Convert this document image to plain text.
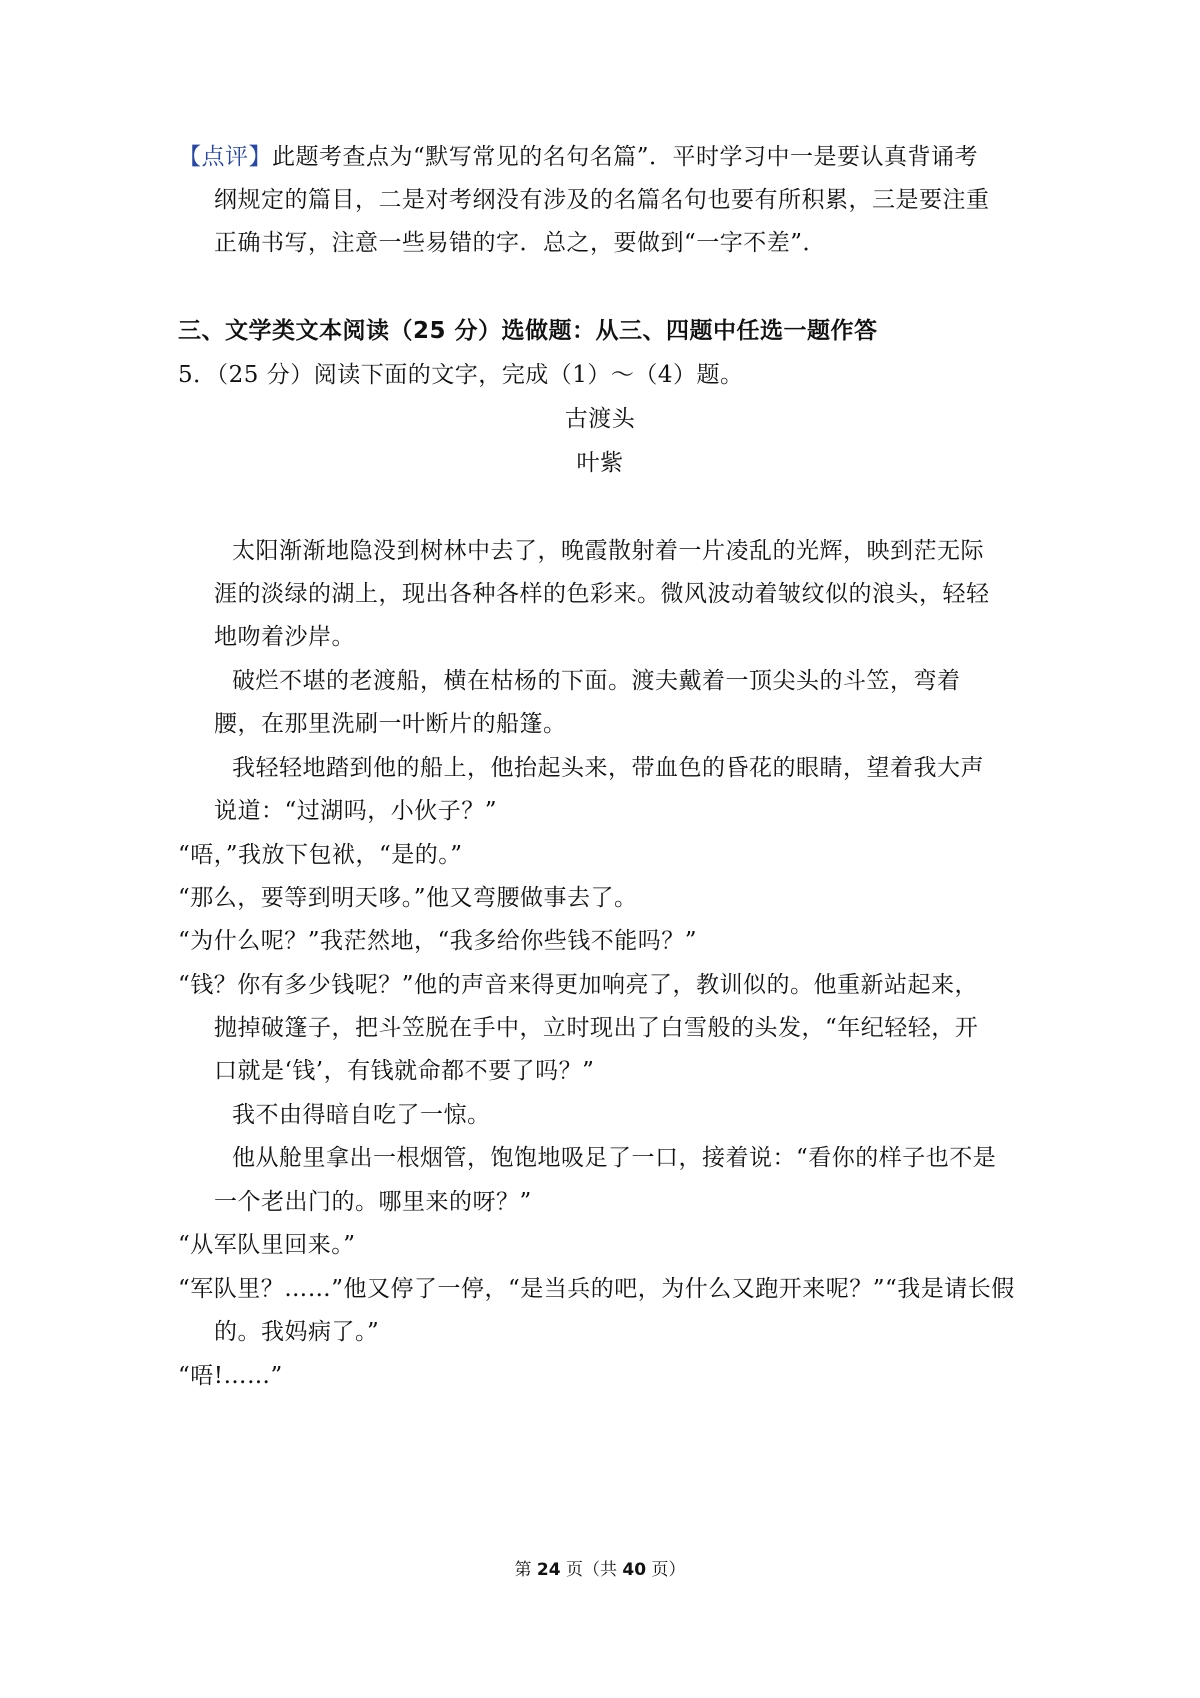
【点评】此题考查点为“默写常见的名句名篇”．平时学习中一是要认真背诵考
纲规定的篇目，二是对考纲没有涉及的名篇名句也要有所积累，三是要注重
正确书写，注意一些易错的字．总之，要做到“一字不差”．
三、文学类文本阅读（25 分）选做题：从三、四题中任选一题作答
5．（25 分）阅读下面的文字，完成（1）～（4）题。
古渡头
叶紫
太阳渐渐地隐没到树林中去了，晚霞散射着一片凌乱的光辉，映到茫无际
涯的淡绿的湖上，现出各种各样的色彩来。微风波动着皱纹似的浪头，轻轻
地吻着沙岸。
破烂不堪的老渡船，横在枯杨的下面。渡夫戴着一顶尖头的斗笠，弯着
腰，在那里洗刷一叶断片的船篷。
我轻轻地踏到他的船上，他抬起头来，带血色的昏花的眼睛，望着我大声
说道：“过湖吗，小伙子？”
“唔，”我放下包袱，“是的。”
“那么，要等到明天哆。”他又弯腰做事去了。
“为什么呢？”我茫然地，“我多给你些钱不能吗？”
“钱？你有多少钱呢？”他的声音来得更加响亮了，教训似的。他重新站起来，
抛掉破篷子，把斗笠脱在手中，立时现出了白雪般的头发，“年纪轻轻，开
口就是‘钱’，有钱就命都不要了吗？”
我不由得暗自吃了一惊。
他从舱里拿出一根烟管，饱饱地吸足了一口，接着说：“看你的样子也不是
一个老出门的。哪里来的呀？”
“从军队里回来。”
“军队里？……”他又停了一停，“是当兵的吧，为什么又跑开来呢？”“我是请长假
的。我妈病了。”
“唔!……”
第 24 页（共 40 页）
